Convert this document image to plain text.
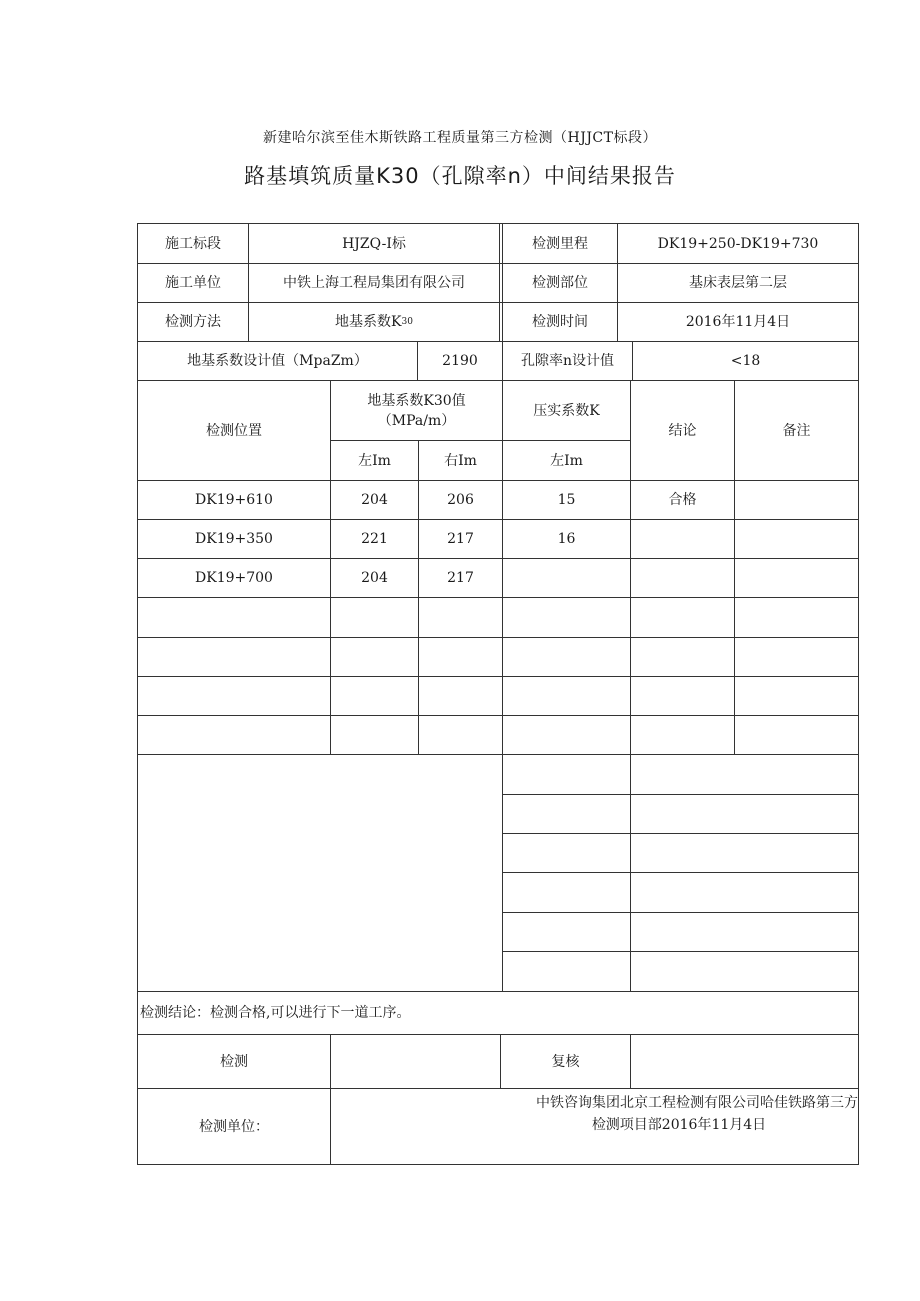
新建哈尔滨至佳木斯铁路工程质量第三方检测（HJJCT标段）
路基填筑质量K30（孔隙率n）中间结果报告
施工标段	HJZQ-I标	检测里程	DK19+250-DK19+730
施工单位	中铁上海工程局集团有限公司	检测部位	基床表层第二层
检测方法	地基系数K 30	检测时间	2016年11月4日
地基系数设计值（MpaZm）	2190	孔隙率n设计值	<18
检测位置
地基系数K30值（MPa/m）
压实系数K
结论	备注
左Im	右Im	左Im
DK19+610	204	206	15	合格
DK19+350	221	217	16
DK19+700	204	217
检测结论：检测合格,可以进行下一道工序。
检测	复核
检测单位：
中铁咨询集团北京工程检测有限公司哈佳铁路第三方
检测项目部2016年11月4日
